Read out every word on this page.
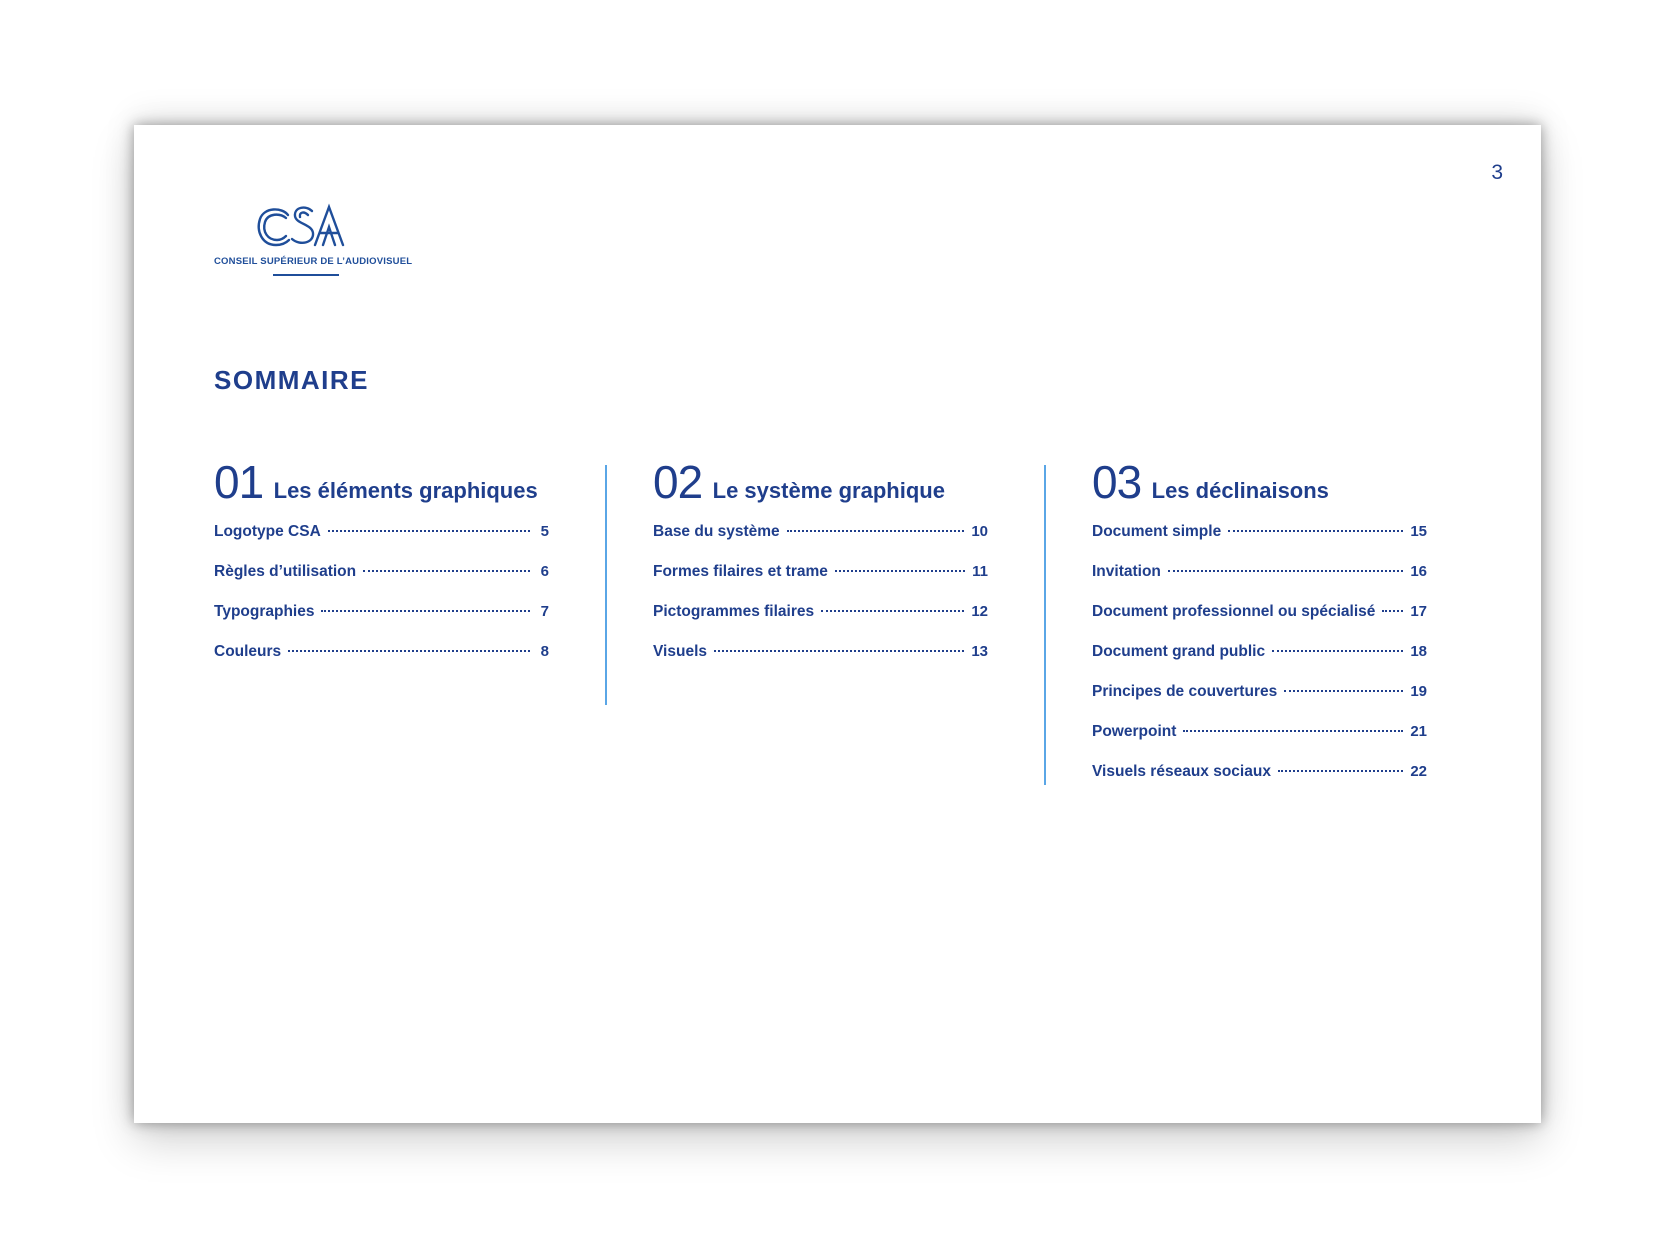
3
CONSEIL SUPÉRIEUR DE L’AUDIOVISUEL
SOMMAIRE
01 Les éléments graphiques
Logotype CSA	5
Règles d’utilisation	6
Typographies	7
Couleurs	8
02 Le système graphique
Base du système	10
Formes filaires et trame	11
Pictogrammes filaires	12
Visuels	13
03 Les déclinaisons
Document simple	15
Invitation	16
Document professionnel ou spécialisé 17
Document grand public	18
Principes de couvertures	19
Powerpoint	21
Visuels réseaux sociaux	22
